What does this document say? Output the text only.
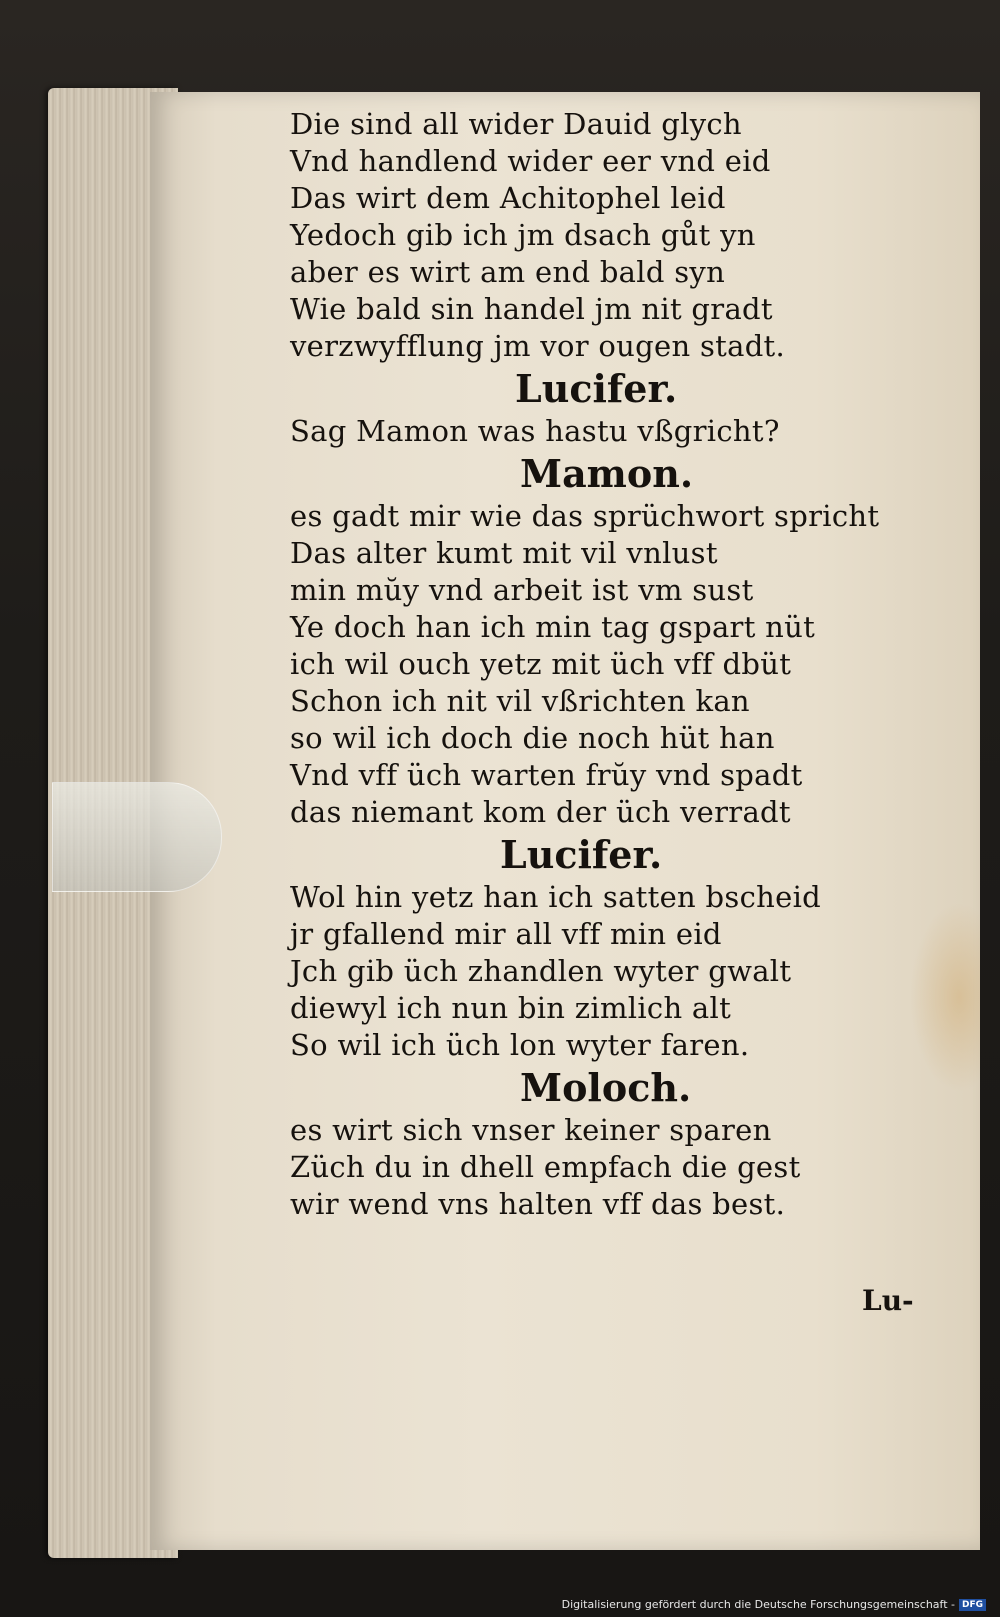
Die sind all wider Dauid glych
Vnd handlend wider eer vnd eid
Das wirt dem Achitophel leid
Yedoch gib ich jm dsach gůt yn
aber es wirt am end bald syn
Wie bald sin handel jm nit gradt
verzwyfflung jm vor ougen stadt.
Lucifer.
Sag Mamon was hastu vßgricht?
Mamon.
es gadt mir wie das sprüchwort spricht
Das alter kumt mit vil vnlust
min mŭy vnd arbeit ist vm sust
Ye doch han ich min tag gspart nüt
ich wil ouch yetz mit üch vff dbüt
Schon ich nit vil vßrichten kan
so wil ich doch die noch hüt han
Vnd vff üch warten frŭy vnd spadt
das niemant kom der üch verradt
Lucifer.
Wol hin yetz han ich satten bscheid
jr gfallend mir all vff min eid
Jch gib üch zhandlen wyter gwalt
diewyl ich nun bin zimlich alt
So wil ich üch lon wyter faren.
Moloch.
es wirt sich vnser keiner sparen
Züch du in dhell empfach die gest
wir wend vns halten vff das best.
Lu-
Digitalisierung gefördert durch die Deutsche Forschungsgemeinschaft - DFG
